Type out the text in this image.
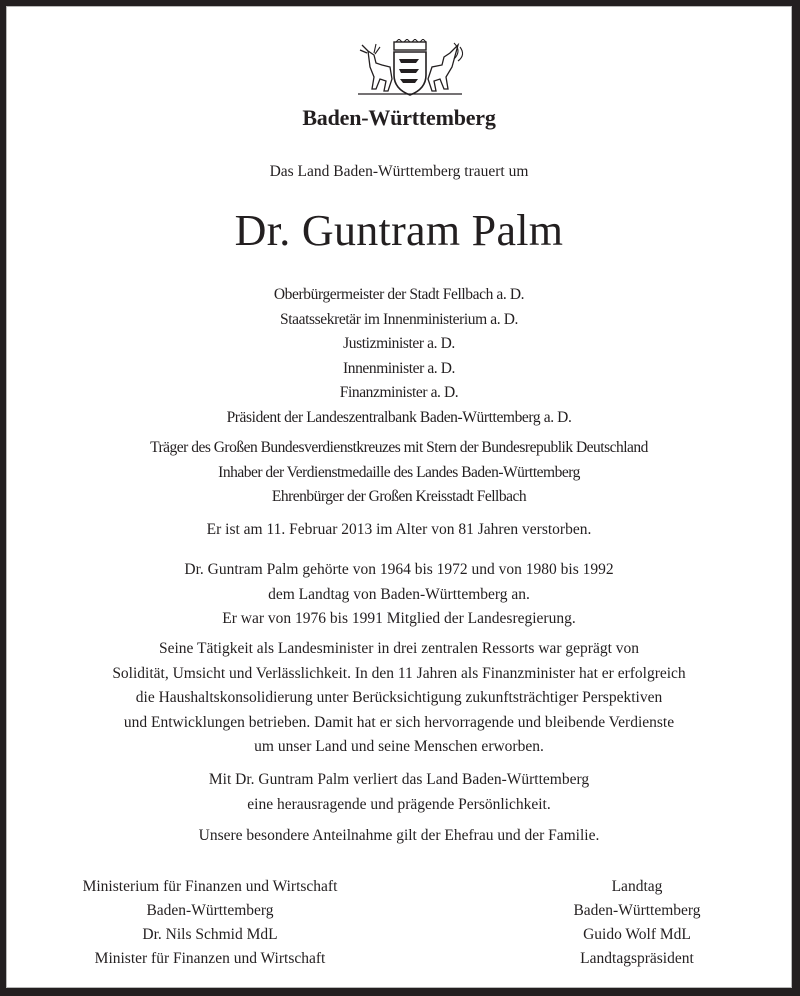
Baden-Württemberg
Das Land Baden-Württemberg trauert um
Dr. Guntram Palm
Oberbürgermeister der Stadt Fellbach a. D.
Staatssekretär im Innenministerium a. D.
Justizminister a. D.
Innenminister a. D.
Finanzminister a. D.
Präsident der Landeszentralbank Baden-Württemberg a. D.
Träger des Großen Bundesverdienstkreuzes mit Stern der Bundesrepublik Deutschland
Inhaber der Verdienstmedaille des Landes Baden-Württemberg
Ehrenbürger der Großen Kreisstadt Fellbach
Er ist am 11. Februar 2013 im Alter von 81 Jahren verstorben.
Dr. Guntram Palm gehörte von 1964 bis 1972 und von 1980 bis 1992
dem Landtag von Baden-Württemberg an.
Er war von 1976 bis 1991 Mitglied der Landesregierung.
Seine Tätigkeit als Landesminister in drei zentralen Ressorts war geprägt von
Solidität, Umsicht und Verlässlichkeit. In den 11 Jahren als Finanzminister hat er erfolgreich
die Haushaltskonsolidierung unter Berücksichtigung zukunftsträchtiger Perspektiven
und Entwicklungen betrieben. Damit hat er sich hervorragende und bleibende Verdienste
um unser Land und seine Menschen erworben.
Mit Dr. Guntram Palm verliert das Land Baden-Württemberg
eine herausragende und prägende Persönlichkeit.
Unsere besondere Anteilnahme gilt der Ehefrau und der Familie.
Ministerium für Finanzen und Wirtschaft
Baden-Württemberg
Dr. Nils Schmid MdL
Minister für Finanzen und Wirtschaft
Landtag
Baden-Württemberg
Guido Wolf MdL
Landtagspräsident
